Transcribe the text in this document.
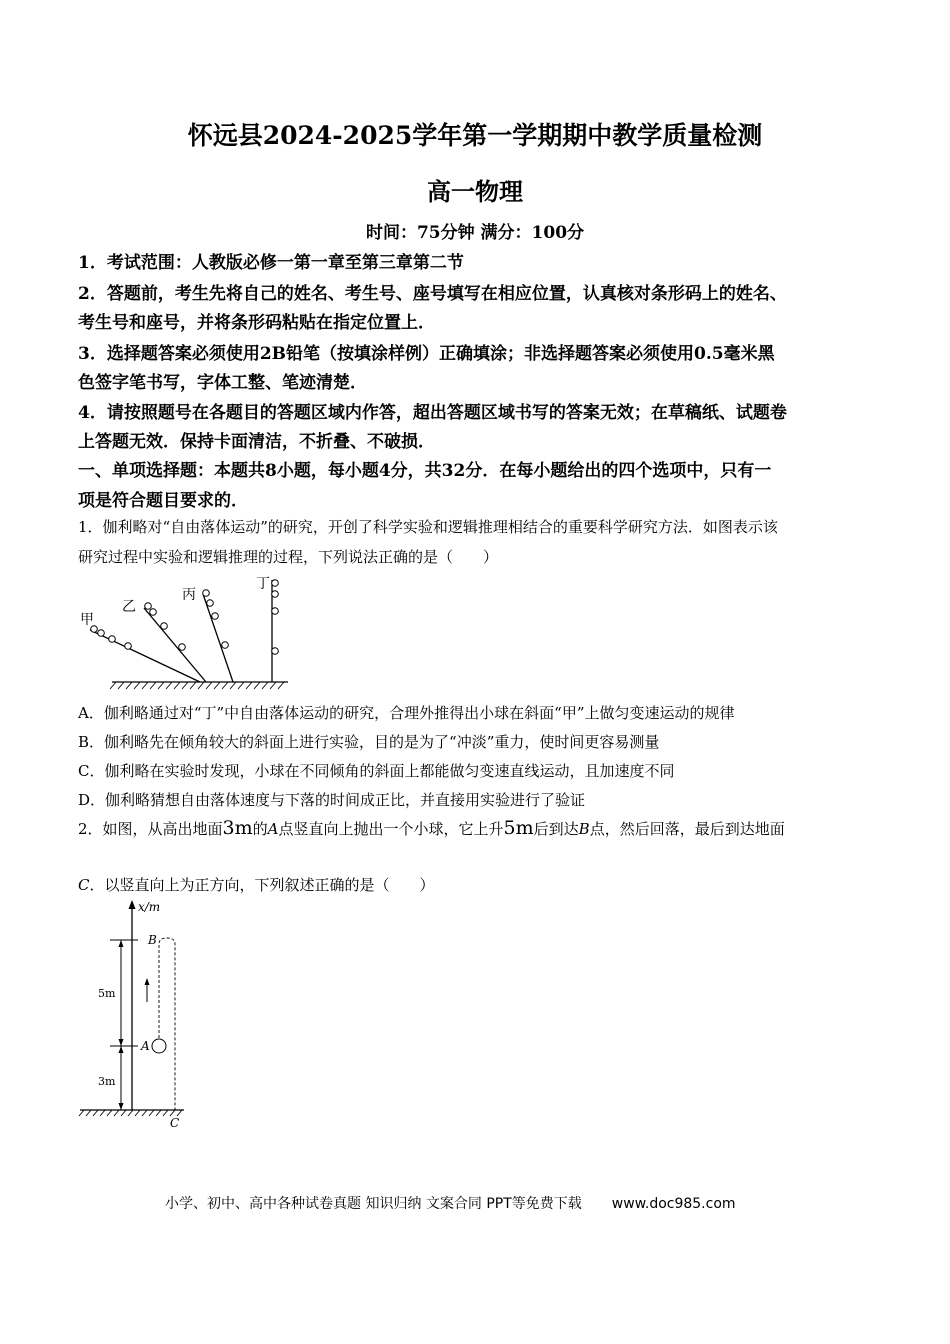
怀远县2024-2025学年第一学期期中教学质量检测
高一物理
时间：75分钟 满分：100分
1．考试范围：人教版必修一第一章至第三章第二节
2．答题前，考生先将自己的姓名、考生号、座号填写在相应位置，认真核对条形码上的姓名、
考生号和座号，并将条形码粘贴在指定位置上．
3．选择题答案必须使用2B铅笔（按填涂样例）正确填涂；非选择题答案必须使用0.5毫米黑
色签字笔书写，字体工整、笔迹清楚．
4．请按照题号在各题目的答题区域内作答，超出答题区域书写的答案无效；在草稿纸、试题卷
上答题无效．保持卡面清洁，不折叠、不破损．
一、单项选择题：本题共8小题，每小题4分，共32分．在每小题给出的四个选项中，只有一
项是符合题目要求的．
1．伽利略对“自由落体运动”的研究，开创了科学实验和逻辑推理相结合的重要科学研究方法．如图表示该
研究过程中实验和逻辑推理的过程，下列说法正确的是（　　）
甲
乙
丙
丁
A．伽利略通过对“丁”中自由落体运动的研究，合理外推得出小球在斜面“甲”上做匀变速运动的规律
B．伽利略先在倾角较大的斜面上进行实验，目的是为了“冲淡”重力，使时间更容易测量
C．伽利略在实验时发现，小球在不同倾角的斜面上都能做匀变速直线运动，且加速度不同
D．伽利略猜想自由落体速度与下落的时间成正比，并直接用实验进行了验证
2．如图，从高出地面3m的A点竖直向上抛出一个小球，它上升5m后到达B点，然后回落，最后到达地面
C．以竖直向上为正方向，下列叙述正确的是（　　）
x/m
5m
3m
B
A
C
小学、初中、高中各种试卷真题 知识归纳 文案合同 PPT等免费下载 www.doc985.com
